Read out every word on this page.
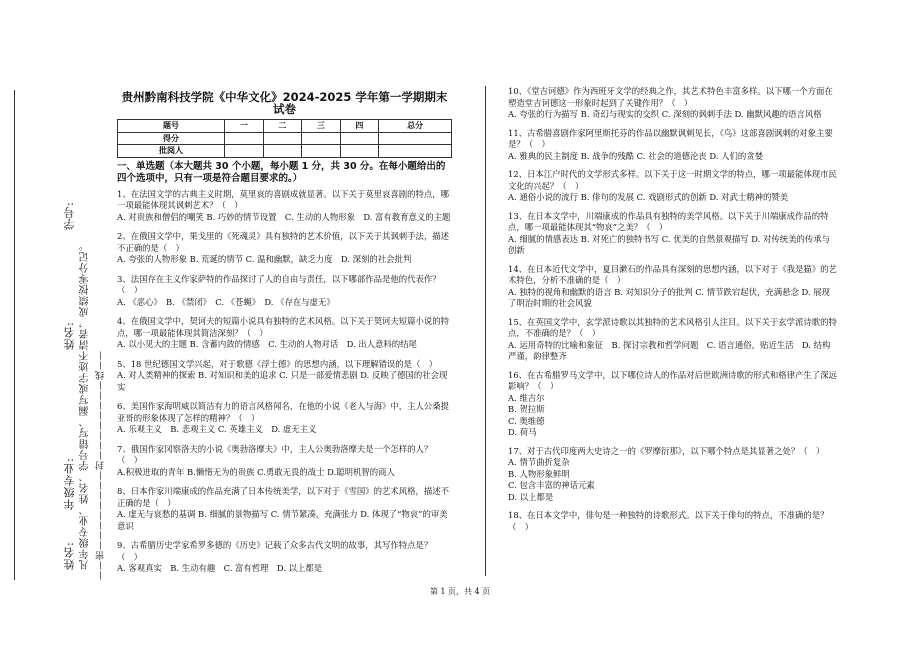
姓名:
姓名:
学号:
年级专业: 凡年级专业、姓名、学号错写、漏写或字迹不清者，成绩按零分记。 ——密————————封————————线——
贵州黔南科技学院《中华文化》2024-2025 学年第一学期期末试卷
题号	一	二	三	四	总分
得分					
批阅人					
一、单选题（本大题共 30 个小题，每小题 1 分，共 30 分。在每小题给出的四个选项中，只有一项是符合题目要求的。）
1、在法国文学的古典主义时期，莫里哀的喜剧成就显著。以下关于莫里哀喜剧的特点，哪一项最能体现其讽刺艺术？（　）
A. 对贵族和僧侣的嘲笑 B. 巧妙的情节设置　C. 生动的人物形象　D. 富有教育意义的主题
2、在俄国文学中，果戈里的《死魂灵》具有独特的艺术价值，以下关于其讽刺手法，描述不正确的是（　）
A. 夸张的人物形象 B. 荒诞的情节 C. 温和幽默，缺乏力度　D. 深刻的社会批判
3、法国存在主义作家萨特的作品探讨了人的自由与责任，以下哪部作品是他的代表作？（　）
A. 《恶心》　B. 《禁闭》　C. 《苍蝇》　D. 《存在与虚无》
4、在俄国文学中，契诃夫的短篇小说具有独特的艺术风格。以下关于契诃夫短篇小说的特点，哪一项最能体现其简洁深刻？（　）
A. 以小见大的主题 B. 含蓄内敛的情感　C. 生动的人物对话　D. 出人意料的结尾
5、18 世纪德国文学兴起，对于歌德《浮士德》的思想内涵，以下理解错误的是（　）
A. 对人类精神的探索 B. 对知识和美的追求 C. 只是一部爱情悲剧 D. 反映了德国的社会现实
6、美国作家海明威以简洁有力的语言风格闻名，在他的小说《老人与海》中，主人公桑提亚哥的形象体现了怎样的精神？（　）
A. 乐观主义　B. 悲观主义 C. 英雄主义　D. 虚无主义
7、俄国作家冈察洛夫的小说《奥勃洛摩夫》中，主人公奥勃洛摩夫是一个怎样的人？（　）
A.积极进取的青年 B.懒惰无为的贵族 C.勇敢无畏的战士 D.聪明机智的商人
8、日本作家川端康成的作品充满了日本传统美学，以下对于《雪国》的艺术风格，描述不正确的是（　）
A. 虚无与哀愁的基调 B. 细腻的景物描写 C. 情节紧凑，充满张力 D. 体现了“物哀”的审美意识
9、古希腊历史学家希罗多德的《历史》记载了众多古代文明的故事，其写作特点是？（　）
A. 客观真实　B. 生动有趣　C. 富有哲理　D. 以上都是
10、《堂吉诃德》作为西班牙文学的经典之作，其艺术特色丰富多样。以下哪一个方面在塑造堂吉诃德这一形象时起到了关键作用？（　）
A. 夸张的行为描写 B. 奇幻与现实的交织 C. 深刻的讽刺手法 D. 幽默风趣的语言风格
11、古希腊喜剧作家阿里斯托芬的作品以幽默讽刺见长，《鸟》这部喜剧讽刺的对象主要是？（　）
A. 雅典的民主制度 B. 战争的残酷 C. 社会的道德沦丧 D. 人们的贪婪
12、日本江户时代的文学形式多样。以下关于这一时期文学的特点，哪一项最能体现市民文化的兴起？（　）
A. 通俗小说的流行 B. 俳句的发展 C. 戏剧形式的创新 D. 对武士精神的赞美
13、在日本文学中，川端康成的作品具有独特的美学风格。以下关于川端康成作品的特点，哪一项最能体现其“物哀”之美？（　）
A. 细腻的情感表达 B. 对死亡的独特书写 C. 优美的自然景观描写 D. 对传统美的传承与创新
14、在日本近代文学中，夏目漱石的作品具有深刻的思想内涵，以下对于《我是猫》的艺术特色，分析不准确的是（　）
A. 独特的视角和幽默的语言 B. 对知识分子的批判 C. 情节跌宕起伏，充满悬念 D. 展现了明治时期的社会风貌
15、在英国文学中，玄学派诗歌以其独特的艺术风格引人注目。以下关于玄学派诗歌的特点，不准确的是？（　）
A. 运用奇特的比喻和象征　B. 探讨宗教和哲学问题　C. 语言通俗，贴近生活　D. 结构严谨，韵律整齐
16、在古希腊罗马文学中，以下哪位诗人的作品对后世欧洲诗歌的形式和格律产生了深远影响？（　）
A. 维吉尔
B. 贺拉斯
C. 奥维德
D. 荷马
17、对于古代印度两大史诗之一的《罗摩衍那》，以下哪个特点是其显著之处？（　）
A. 情节曲折复杂
B. 人物形象鲜明
C. 包含丰富的神话元素
D. 以上都是
18、在日本文学中，俳句是一种独特的诗歌形式。以下关于俳句的特点，不准确的是？（　）
第 1 页，共 4 页
